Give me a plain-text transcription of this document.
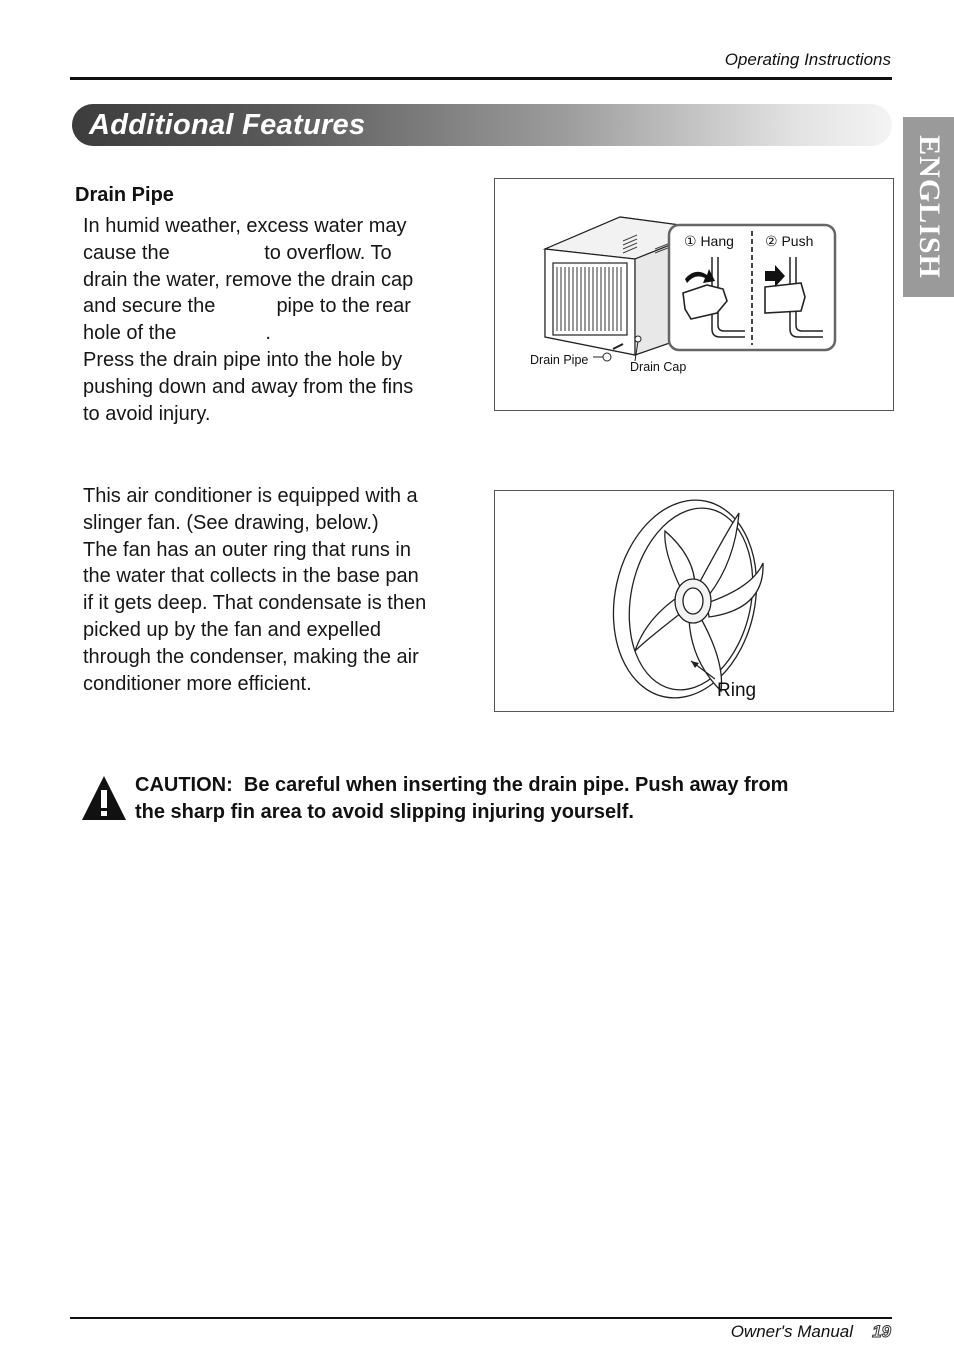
Operating Instructions
Additional Features
ENGLISH
Drain Pipe
In humid weather, excess water may
cause the                 to overflow. To
drain the water, remove the drain cap
and secure the           pipe to the rear
hole of the                .
Press the drain pipe into the hole by
pushing down and away from the fins
to avoid injury.
① Hang ② Push
Drain Pipe	Drain Cap
This air conditioner is equipped with a
slinger fan. (See drawing, below.)
The fan has an outer ring that runs in
the water that collects in the base pan
if it gets deep. That condensate is then
picked up by the fan and expelled
through the condenser, making the air
conditioner more efficient.	Ring
CAUTION:  Be careful when inserting the drain pipe. Push away from
the sharp fin area to avoid slipping injuring yourself.
Owner's Manual 19
